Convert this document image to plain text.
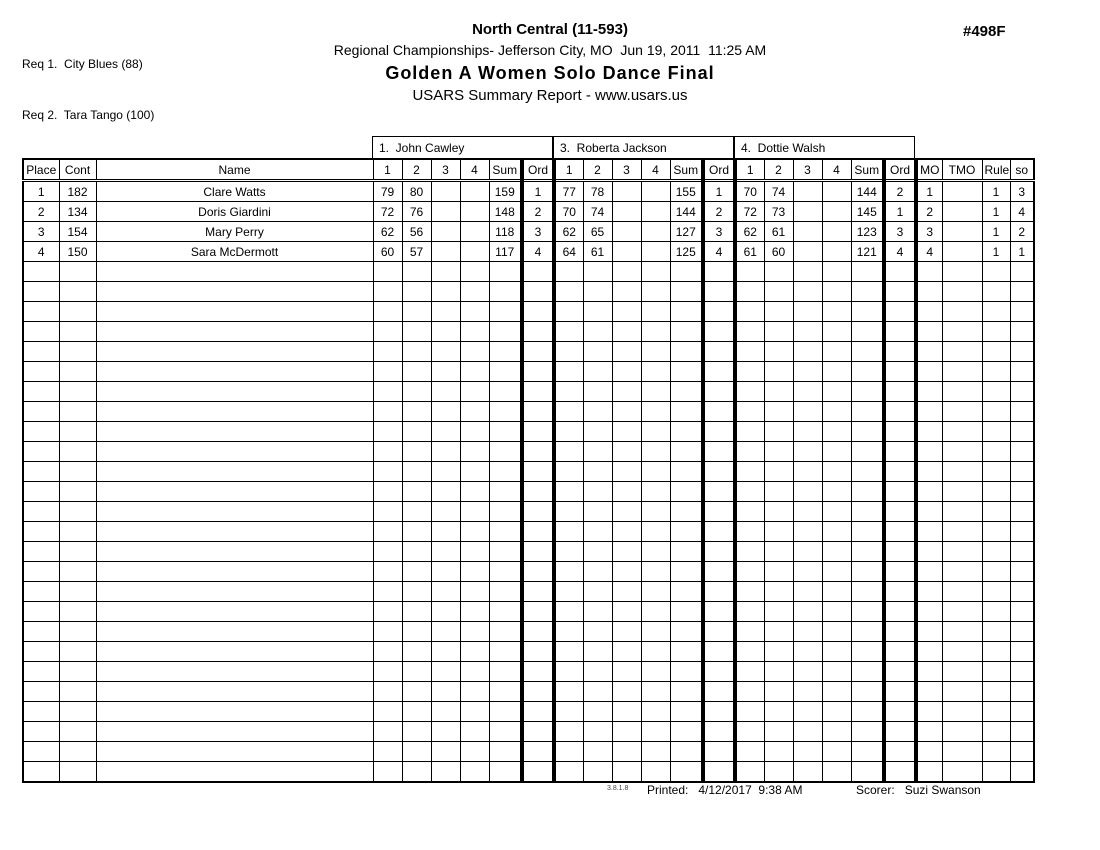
Req 1.  City Blues (88)

Req 2.  Tara Tango (100)

North Central (11-593)
Regional Championships- Jefferson City, MO  Jun 19, 2011  11:25 AM
Golden A Women Solo Dance Final
USARS Summary Report - www.usars.us
#498F
1.  John Cawley	3.  Roberta Jackson	4.  Dottie Walsh
Place	Cont	Name	1	2	3	4	Sum	Ord	1	2	3	4	Sum	Ord	1	2	3	4	Sum	Ord	MO	TMO	Rule	so
1	182	Clare Watts	79	80			159	1	77	78			155	1	70	74			144	2	1		1	3
2	134	Doris Giardini	72	76			148	2	70	74			144	2	72	73			145	1	2		1	4
3	154	Mary Perry	62	56			118	3	62	65			127	3	62	61			123	3	3		1	2
4	150	Sara McDermott	60	57			117	4	64	61			125	4	61	60			121	4	4		1	1

3.8.1.8 Printed: 4/12/2017  9:38 AM	Scorer: Suzi Swanson
